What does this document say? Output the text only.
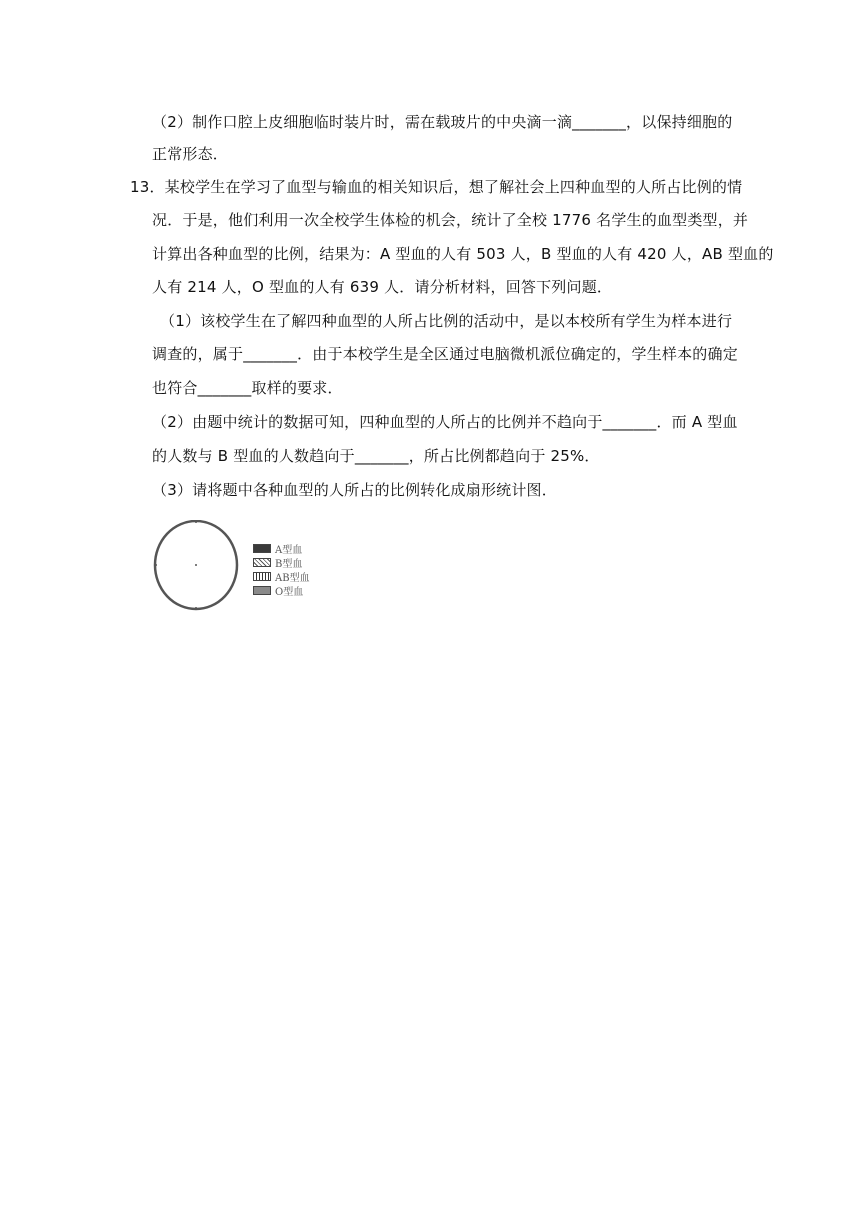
（2）制作口腔上皮细胞临时装片时，需在载玻片的中央滴一滴_______，以保持细胞的
正常形态．
13．某校学生在学习了血型与输血的相关知识后，想了解社会上四种血型的人所占比例的情
况．于是，他们利用一次全校学生体检的机会，统计了全校 1776 名学生的血型类型，并
计算出各种血型的比例，结果为：A 型血的人有 503 人，B 型血的人有 420 人，AB 型血的
人有 214 人，O 型血的人有 639 人．请分析材料，回答下列问题．
（1）该校学生在了解四种血型的人所占比例的活动中，是以本校所有学生为样本进行
调查的，属于_______．由于本校学生是全区通过电脑微机派位确定的，学生样本的确定
也符合_______取样的要求．
（2）由题中统计的数据可知，四种血型的人所占的比例并不趋向于_______．而 A 型血
的人数与 B 型血的人数趋向于_______，所占比例都趋向于 25%．
（3）请将题中各种血型的人所占的比例转化成扇形统计图．
A型血
B型血
AB型血
O型血
